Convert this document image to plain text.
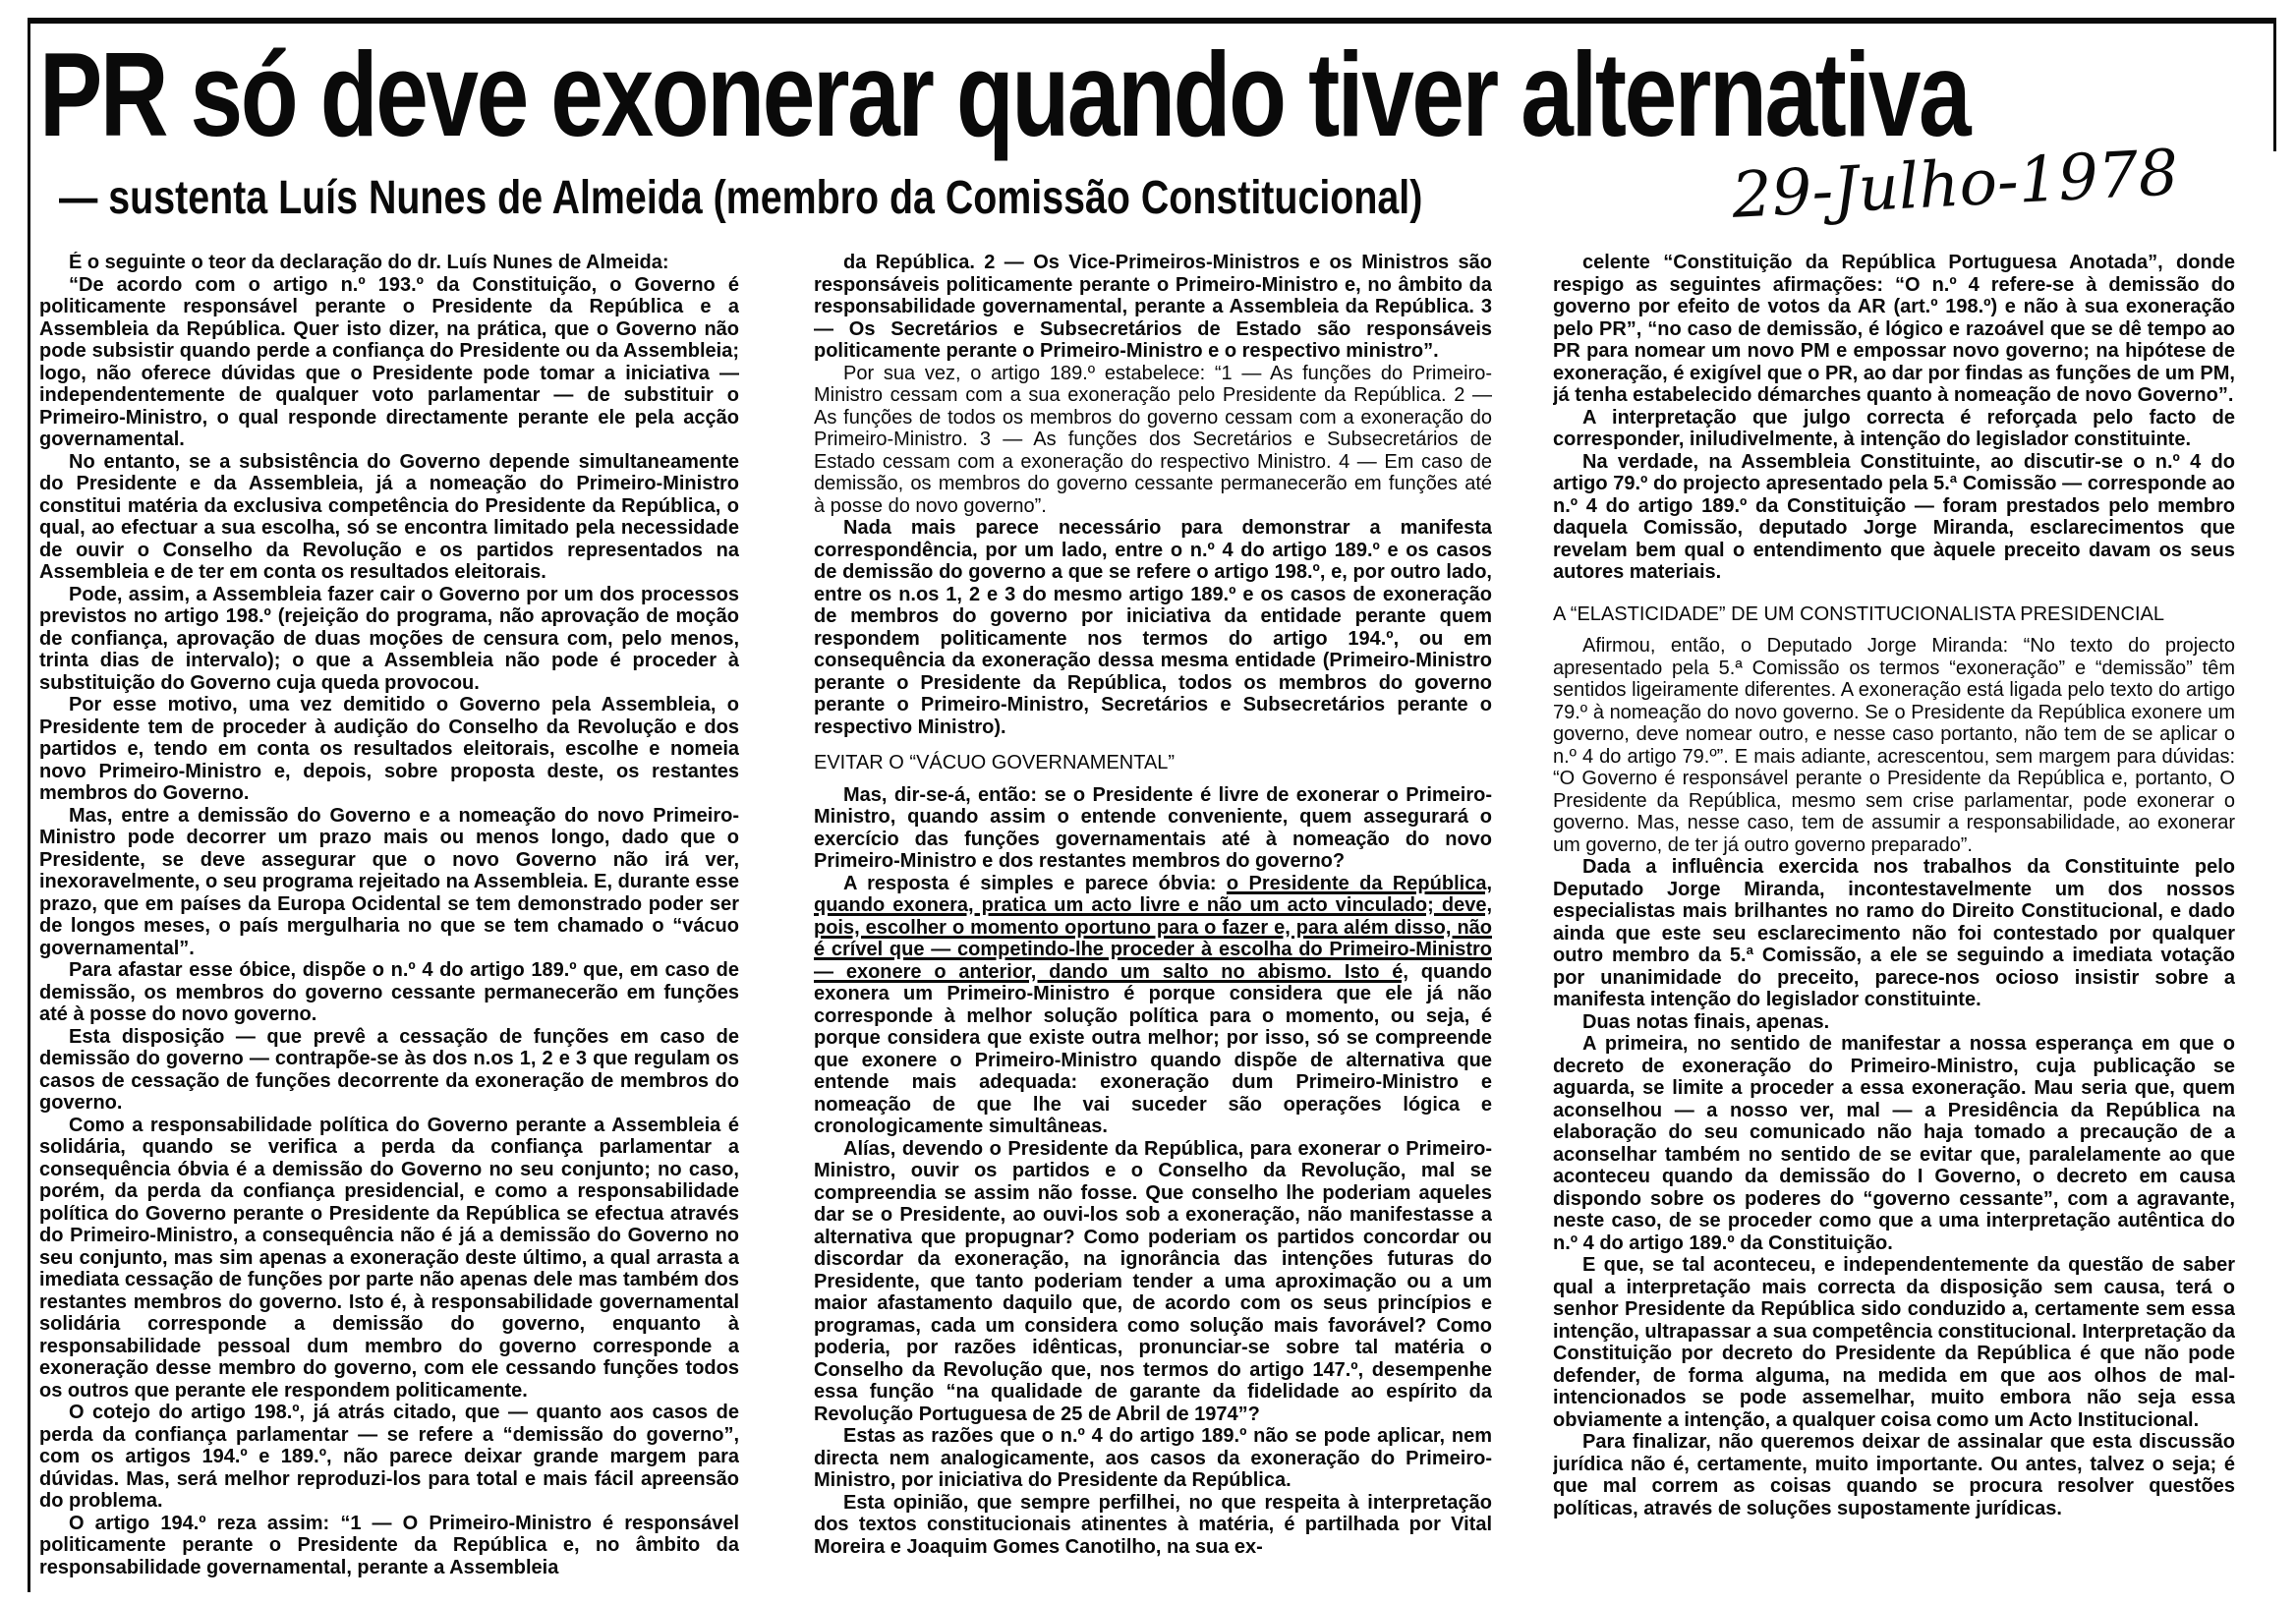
PR só deve exonerar quando tiver alternativa
— sustenta Luís Nunes de Almeida (membro da Comissão Constitucional)	29-Julho-1978

É o seguinte o teor da declaração do dr. Luís Nunes de Almeida:

“De acordo com o artigo n.º 193.º da Constituição, o Governo é politicamente responsável perante o Presidente da República e a Assembleia da República. Quer isto dizer, na prática, que o Governo não pode subsistir quando perde a confiança do Presidente ou da Assembleia; logo, não oferece dúvidas que o Presidente pode tomar a iniciativa — independentemente de qualquer voto parlamentar — de substituir o Primeiro-Ministro, o qual responde directamente perante ele pela acção governamental.

No entanto, se a subsistência do Governo depende simultaneamente do Presidente e da Assembleia, já a nomeação do Primeiro-Ministro constitui matéria da exclusiva competência do Presidente da República, o qual, ao efectuar a sua escolha, só se encontra limitado pela necessidade de ouvir o Conselho da Revolução e os partidos representados na Assembleia e de ter em conta os resultados eleitorais.

Pode, assim, a Assembleia fazer cair o Governo por um dos processos previstos no artigo 198.º (rejeição do programa, não aprovação de moção de confiança, aprovação de duas moções de censura com, pelo menos, trinta dias de intervalo); o que a Assembleia não pode é proceder à substituição do Governo cuja queda provocou.

Por esse motivo, uma vez demitido o Governo pela Assembleia, o Presidente tem de proceder à audição do Conselho da Revolução e dos partidos e, tendo em conta os resultados eleitorais, escolhe e nomeia novo Primeiro-Ministro e, depois, sobre proposta deste, os restantes membros do Governo.

Mas, entre a demissão do Governo e a nomeação do novo Primeiro-Ministro pode decorrer um prazo mais ou menos longo, dado que o Presidente, se deve assegurar que o novo Governo não irá ver, inexoravelmente, o seu programa rejeitado na Assembleia. E, durante esse prazo, que em países da Europa Ocidental se tem demonstrado poder ser de longos meses, o país mergulharia no que se tem chamado o “vácuo governamental”.

Para afastar esse óbice, dispõe o n.º 4 do artigo 189.º que, em caso de demissão, os membros do governo cessante permanecerão em funções até à posse do novo governo.

Esta disposição — que prevê a cessação de funções em caso de demissão do governo — contrapõe-se às dos n.os 1, 2 e 3 que regulam os casos de cessação de funções decorrente da exoneração de membros do governo.

Como a responsabilidade política do Governo perante a Assembleia é solidária, quando se verifica a perda da confiança parlamentar a consequência óbvia é a demissão do Governo no seu conjunto; no caso, porém, da perda da confiança presidencial, e como a responsabilidade política do Governo perante o Presidente da República se efectua através do Primeiro-Ministro, a consequência não é já a demissão do Governo no seu conjunto, mas sim apenas a exoneração deste último, a qual arrasta a imediata cessação de funções por parte não apenas dele mas também dos restantes membros do governo. Isto é, à responsabilidade governamental solidária corresponde a demissão do governo, enquanto à responsabilidade pessoal dum membro do governo corresponde a exoneração desse membro do governo, com ele cessando funções todos os outros que perante ele respondem politicamente.

O cotejo do artigo 198.º, já atrás citado, que — quanto aos casos de perda da confiança parlamentar — se refere a “demissão do governo”, com os artigos 194.º e 189.º, não parece deixar grande margem para dúvidas. Mas, será melhor reproduzi-los para total e mais fácil apreensão do problema.

O artigo 194.º reza assim: “1 — O Primeiro-Ministro é responsável politicamente perante o Presidente da República e, no âmbito da responsabilidade governamental, perante a Assembleia

da República. 2 — Os Vice-Primeiros-Ministros e os Ministros são responsáveis politicamente perante o Primeiro-Ministro e, no âmbito da responsabilidade governamental, perante a Assembleia da República. 3 — Os Secretários e Subsecretários de Estado são responsáveis politicamente perante o Primeiro-Ministro e o respectivo ministro”.

Por sua vez, o artigo 189.º estabelece: “1 — As funções do Primeiro-Ministro cessam com a sua exoneração pelo Presidente da República. 2 — As funções de todos os membros do governo cessam com a exoneração do Primeiro-Ministro. 3 — As funções dos Secretários e Subsecretários de Estado cessam com a exoneração do respectivo Ministro. 4 — Em caso de demissão, os membros do governo cessante permanecerão em funções até à posse do novo governo”.

Nada mais parece necessário para demonstrar a manifesta correspondência, por um lado, entre o n.º 4 do artigo 189.º e os casos de demissão do governo a que se refere o artigo 198.º, e, por outro lado, entre os n.os 1, 2 e 3 do mesmo artigo 189.º e os casos de exoneração de membros do governo por iniciativa da entidade perante quem respondem politicamente nos termos do artigo 194.º, ou em consequência da exoneração dessa mesma entidade (Primeiro-Ministro perante o Presidente da República, todos os membros do governo perante o Primeiro-Ministro, Secretários e Subsecretários perante o respectivo Ministro).

EVITAR O “VÁCUO GOVERNAMENTAL”

Mas, dir-se-á, então: se o Presidente é livre de exonerar o Primeiro-Ministro, quando assim o entende conveniente, quem assegurará o exercício das funções governamentais até à nomeação do novo Primeiro-Ministro e dos restantes membros do governo?

A resposta é simples e parece óbvia: o Presidente da República, quando exonera, pratica um acto livre e não um acto vinculado; deve, pois, escolher o momento oportuno para o fazer e, para além disso, não é crível que — competindo-lhe proceder à escolha do Primeiro-Ministro — exonere o anterior, dando um salto no abismo. Isto é, quando exonera um Primeiro-Ministro é porque considera que ele já não corresponde à melhor solução política para o momento, ou seja, é porque considera que existe outra melhor; por isso, só se compreende que exonere o Primeiro-Ministro quando dispõe de alternativa que entende mais adequada: exoneração dum Primeiro-Ministro e nomeação de que lhe vai suceder são operações lógica e cronologicamente simultâneas.

Alías, devendo o Presidente da República, para exonerar o Primeiro-Ministro, ouvir os partidos e o Conselho da Revolução, mal se compreendia se assim não fosse. Que conselho lhe poderiam aqueles dar se o Presidente, ao ouvi-los sob a exoneração, não manifestasse a alternativa que propugnar? Como poderiam os partidos concordar ou discordar da exoneração, na ignorância das intenções futuras do Presidente, que tanto poderiam tender a uma aproximação ou a um maior afastamento daquilo que, de acordo com os seus princípios e programas, cada um considera como solução mais favorável? Como poderia, por razões idênticas, pronunciar-se sobre tal matéria o Conselho da Revolução que, nos termos do artigo 147.º, desempenhe essa função “na qualidade de garante da fidelidade ao espírito da Revolução Portuguesa de 25 de Abril de 1974”?

Estas as razões que o n.º 4 do artigo 189.º não se pode aplicar, nem directa nem analogicamente, aos casos da exoneração do Primeiro-Ministro, por iniciativa do Presidente da República.

Esta opinião, que sempre perfilhei, no que respeita à interpretação dos textos constitucionais atinentes à matéria, é partilhada por Vital Moreira e Joaquim Gomes Canotilho, na sua ex-

celente “Constituição da República Portuguesa Anotada”, donde respigo as seguintes afirmações: “O n.º 4 refere-se à demissão do governo por efeito de votos da AR (art.º 198.º) e não à sua exoneração pelo PR”, “no caso de demissão, é lógico e razoável que se dê tempo ao PR para nomear um novo PM e empossar novo governo; na hipótese de exoneração, é exigível que o PR, ao dar por findas as funções de um PM, já tenha estabelecido démarches quanto à nomeação de novo Governo”.

A interpretação que julgo correcta é reforçada pelo facto de corresponder, iniludivelmente, à intenção do legislador constituinte.

Na verdade, na Assembleia Constituinte, ao discutir-se o n.º 4 do artigo 79.º do projecto apresentado pela 5.ª Comissão — corresponde ao n.º 4 do artigo 189.º da Constituição — foram prestados pelo membro daquela Comissão, deputado Jorge Miranda, esclarecimentos que revelam bem qual o entendimento que àquele preceito davam os seus autores materiais.

A “ELASTICIDADE” DE UM CONSTITUCIONALISTA PRESIDENCIAL

Afirmou, então, o Deputado Jorge Miranda: “No texto do projecto apresentado pela 5.ª Comissão os termos “exoneração” e “demissão” têm sentidos ligeiramente diferentes. A exoneração está ligada pelo texto do artigo 79.º à nomeação do novo governo. Se o Presidente da República exonere um governo, deve nomear outro, e nesse caso portanto, não tem de se aplicar o n.º 4 do artigo 79.º”. E mais adiante, acrescentou, sem margem para dúvidas: “O Governo é responsável perante o Presidente da República e, portanto, O Presidente da República, mesmo sem crise parlamentar, pode exonerar o governo. Mas, nesse caso, tem de assumir a responsabilidade, ao exonerar um governo, de ter já outro governo preparado”.

Dada a influência exercida nos trabalhos da Constituinte pelo Deputado Jorge Miranda, incontestavelmente um dos nossos especialistas mais brilhantes no ramo do Direito Constitucional, e dado ainda que este seu esclarecimento não foi contestado por qualquer outro membro da 5.ª Comissão, a ele se seguindo a imediata votação por unanimidade do preceito, parece-nos ocioso insistir sobre a manifesta intenção do legislador constituinte.

Duas notas finais, apenas.

A primeira, no sentido de manifestar a nossa esperança em que o decreto de exoneração do Primeiro-Ministro, cuja publicação se aguarda, se limite a proceder a essa exoneração. Mau seria que, quem aconselhou — a nosso ver, mal — a Presidência da República na elaboração do seu comunicado não haja tomado a precaução de a aconselhar também no sentido de se evitar que, paralelamente ao que aconteceu quando da demissão do I Governo, o decreto em causa dispondo sobre os poderes do “governo cessante”, com a agravante, neste caso, de se proceder como que a uma interpretação autêntica do n.º 4 do artigo 189.º da Constituição.

E que, se tal aconteceu, e independentemente da questão de saber qual a interpretação mais correcta da disposição sem causa, terá o senhor Presidente da República sido conduzido a, certamente sem essa intenção, ultrapassar a sua competência constitucional. Interpretação da Constituição por decreto do Presidente da República é que não pode defender, de forma alguma, na medida em que aos olhos de mal-intencionados se pode assemelhar, muito embora não seja essa obviamente a intenção, a qualquer coisa como um Acto Institucional.

Para finalizar, não queremos deixar de assinalar que esta discussão jurídica não é, certamente, muito importante. Ou antes, talvez o seja; é que mal correm as coisas quando se procura resolver questões políticas, através de soluções supostamente jurídicas.
